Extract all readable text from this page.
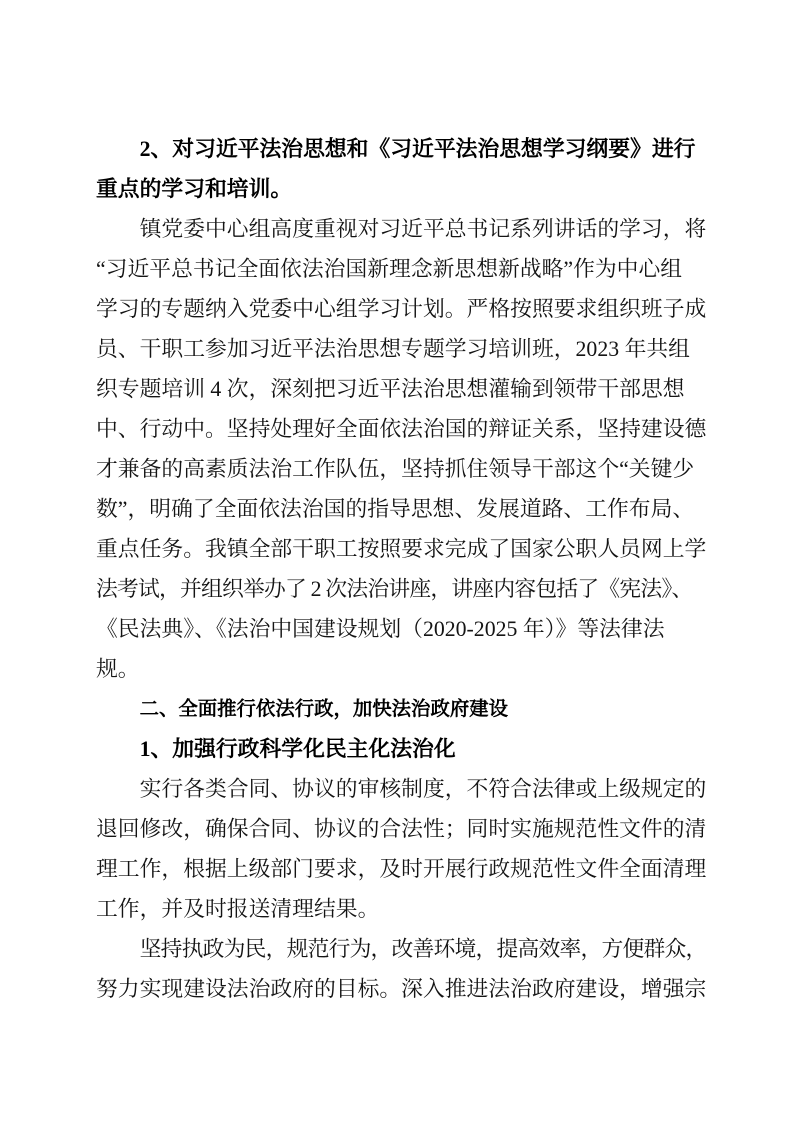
2、对习近平法治思想和《习近平法治思想学习纲要》进行
重点的学习和培训。
镇党委中心组高度重视对习近平总书记系列讲话的学习，将
“习近平总书记全面依法治国新理念新思想新战略”作为中心组
学习的专题纳入党委中心组学习计划。严格按照要求组织班子成
员、干职工参加习近平法治思想专题学习培训班，2023 年共组
织专题培训 4 次，深刻把习近平法治思想灌输到领带干部思想
中、行动中。坚持处理好全面依法治国的辩证关系，坚持建设德
才兼备的高素质法治工作队伍，坚持抓住领导干部这个“关键少
数”，明确了全面依法治国的指导思想、发展道路、工作布局、
重点任务。我镇全部干职工按照要求完成了国家公职人员网上学
法考试，并组织举办了 2 次法治讲座，讲座内容包括了《宪法》、
《民法典》、《法治中国建设规划（2020-2025 年）》等法律法
规。
二、全面推行依法行政，加快法治政府建设
1、加强行政科学化民主化法治化
实行各类合同、协议的审核制度，不符合法律或上级规定的
退回修改，确保合同、协议的合法性；同时实施规范性文件的清
理工作，根据上级部门要求，及时开展行政规范性文件全面清理
工作，并及时报送清理结果。
坚持执政为民，规范行为，改善环境，提高效率，方便群众，
努力实现建设法治政府的目标。深入推进法治政府建设，增强宗
